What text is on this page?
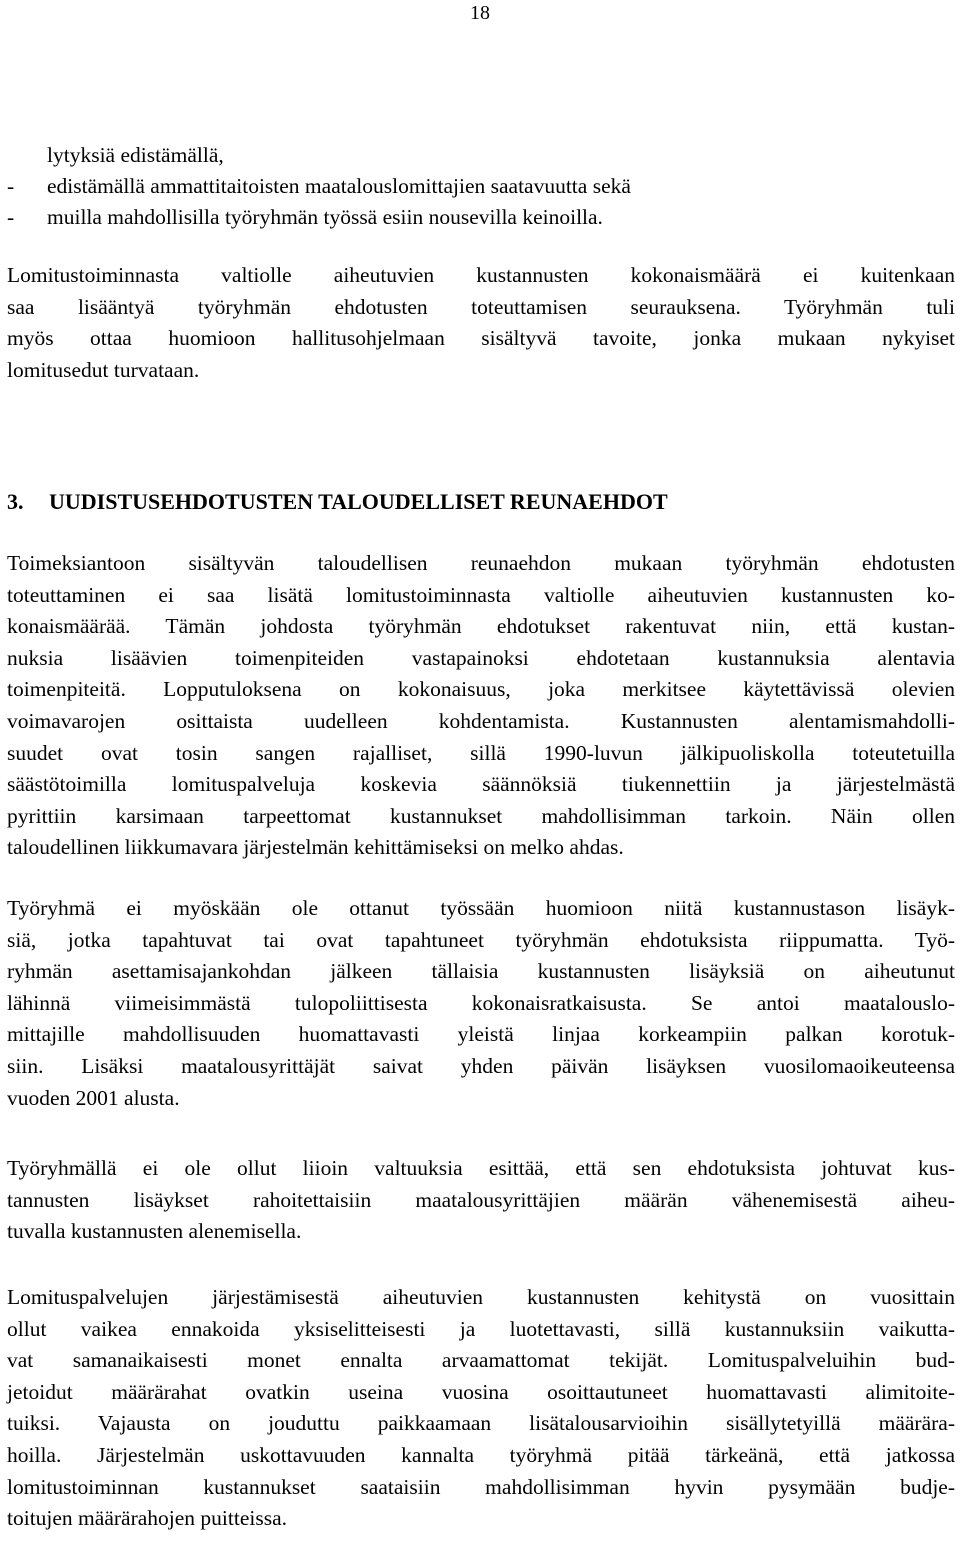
18
lytyksiä edistämällä,
- edistämällä ammattitaitoisten maatalouslomittajien saatavuutta sekä
- muilla mahdollisilla työryhmän työssä esiin nousevilla keinoilla.

Lomitustoiminnasta valtiolle aiheutuvien kustannusten kokonaismäärä ei kuitenkaan
saa lisääntyä työryhmän ehdotusten toteuttamisen seurauksena. Työryhmän tuli
myös ottaa huomioon hallitusohjelmaan sisältyvä tavoite, jonka mukaan nykyiset
lomitusedut turvataan.

3. UUDISTUSEHDOTUSTEN TALOUDELLISET REUNAEHDOT

Toimeksiantoon sisältyvän taloudellisen reunaehdon mukaan työryhmän ehdotusten
toteuttaminen ei saa lisätä lomitustoiminnasta valtiolle aiheutuvien kustannusten ko-
konaismäärää. Tämän johdosta työryhmän ehdotukset rakentuvat niin, että kustan-
nuksia lisäävien toimenpiteiden vastapainoksi ehdotetaan kustannuksia alentavia
toimenpiteitä. Lopputuloksena on kokonaisuus, joka merkitsee käytettävissä olevien
voimavarojen osittaista uudelleen kohdentamista. Kustannusten alentamismahdolli-
suudet ovat tosin sangen rajalliset, sillä 1990-luvun jälkipuoliskolla toteutetuilla
säästötoimilla lomituspalveluja koskevia säännöksiä tiukennettiin ja järjestelmästä
pyrittiin karsimaan tarpeettomat kustannukset mahdollisimman tarkoin. Näin ollen
taloudellinen liikkumavara järjestelmän kehittämiseksi on melko ahdas.

Työryhmä ei myöskään ole ottanut työssään huomioon niitä kustannustason lisäyk-
siä, jotka tapahtuvat tai ovat tapahtuneet työryhmän ehdotuksista riippumatta. Työ-
ryhmän asettamisajankohdan jälkeen tällaisia kustannusten lisäyksiä on aiheutunut
lähinnä viimeisimmästä tulopoliittisesta kokonaisratkaisusta. Se antoi maatalouslo-
mittajille mahdollisuuden huomattavasti yleistä linjaa korkeampiin palkan korotuk-
siin. Lisäksi maatalousyrittäjät saivat yhden päivän lisäyksen vuosilomaoikeuteensa
vuoden 2001 alusta.

Työryhmällä ei ole ollut liioin valtuuksia esittää, että sen ehdotuksista johtuvat kus-
tannusten lisäykset rahoitettaisiin maatalousyrittäjien määrän vähenemisestä aiheu-
tuvalla kustannusten alenemisella.

Lomituspalvelujen järjestämisestä aiheutuvien kustannusten kehitystä on vuosittain
ollut vaikea ennakoida yksiselitteisesti ja luotettavasti, sillä kustannuksiin vaikutta-
vat samanaikaisesti monet ennalta arvaamattomat tekijät. Lomituspalveluihin bud-
jetoidut määrärahat ovatkin useina vuosina osoittautuneet huomattavasti alimitoite-
tuiksi. Vajausta on jouduttu paikkaamaan lisätalousarvioihin sisällytetyillä määrära-
hoilla. Järjestelmän uskottavuuden kannalta työryhmä pitää tärkeänä, että jatkossa
lomitustoiminnan kustannukset saataisiin mahdollisimman hyvin pysymään budje-
toitujen määrärahojen puitteissa.
